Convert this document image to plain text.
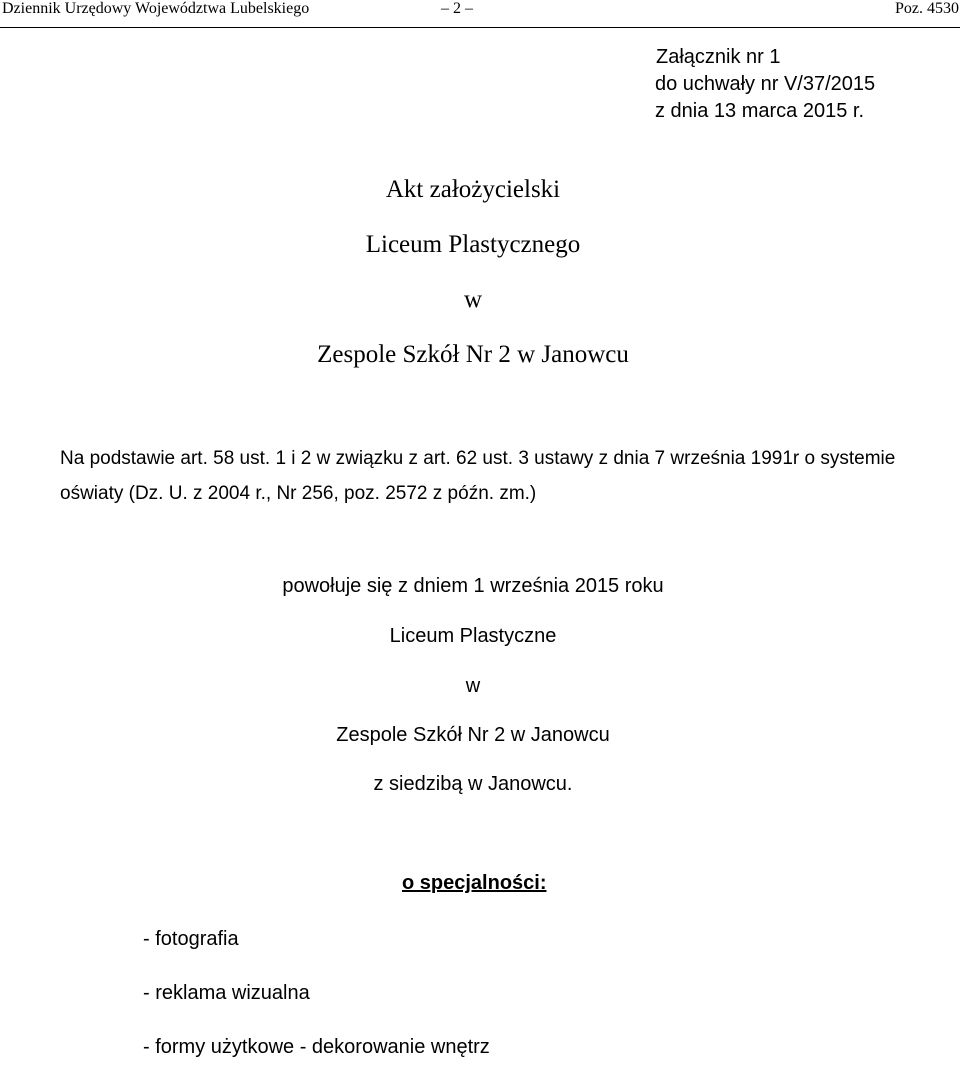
Dziennik Urzędowy Województwa Lubelskiego	– 2 –	Poz. 4530
Załącznik nr 1
do uchwały nr V/37/2015
z dnia 13 marca 2015 r.
Akt założycielski
Liceum Plastycznego
w
Zespole Szkół Nr 2 w Janowcu

Na podstawie art. 58 ust. 1 i 2 w związku z art. 62 ust. 3 ustawy z dnia 7 września 1991r o systemie oświaty (Dz. U. z 2004 r., Nr 256, poz. 2572 z późn. zm.)

powołuje się z dniem 1 września 2015 roku
Liceum Plastyczne
w
Zespole Szkół Nr 2 w Janowcu
z siedzibą w Janowcu.
o specjalności:
- fotografia
- reklama wizualna
- formy użytkowe - dekorowanie wnętrz
